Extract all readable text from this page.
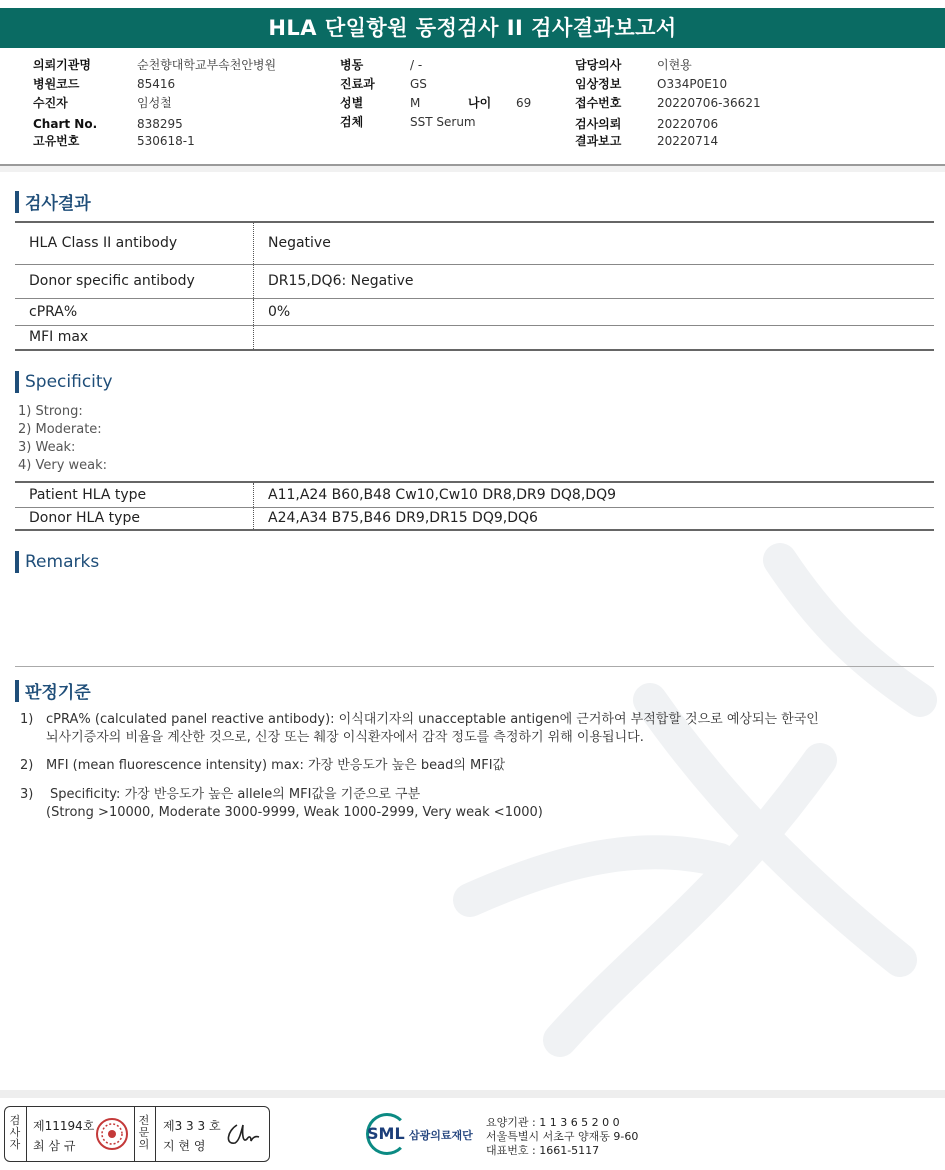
HLA 단일항원 동정검사 II 검사결과보고서
의뢰기관명	순천향대학교부속천안병원
병원코드	85416
수진자	임성철
Chart No.	838295
고유번호	530618-1
병동	/ -
진료과	GS
성별	M	나이 69
검체	SST Serum
담당의사	이현용
임상정보	O334P0E10
접수번호	20220706-36621
검사의뢰	20220706
결과보고	20220714
검사결과
HLA Class II antibody	Negative
Donor specific antibody	DR15,DQ6: Negative
cPRA%	0%
MFI max	
Specificity
1) Strong:
2) Moderate:
3) Weak:
4) Very weak:
Patient HLA type	A11,A24 B60,B48 Cw10,Cw10 DR8,DR9 DQ8,DQ9
Donor HLA type	A24,A34 B75,B46 DR9,DR15 DQ9,DQ6
Remarks
판정기준
1) cPRA% (calculated panel reactive antibody): 이식대기자의 unacceptable antigen에 근거하여 부적합할 것으로 예상되는 한국인
뇌사기증자의 비율을 계산한 것으로, 신장 또는 췌장 이식환자에서 감작 정도를 측정하기 위해 이용됩니다.
2) MFI (mean fluorescence intensity) max: 가장 반응도가 높은 bead의 MFI값
3) Specificity: 가장 반응도가 높은 allele의 MFI값을 기준으로 구분
(Strong >10000, Moderate 3000-9999, Weak 1000-2999, Very weak <1000)
검
사
자
제11194호
최 삼 규
전
문
의
제3 3 3 호
지 현 영
SML 삼광의료재단
요양기관 : 1 1 3 6 5 2 0 0
서울특별시 서초구 양재동 9-60
대표번호 : 1661-5117
